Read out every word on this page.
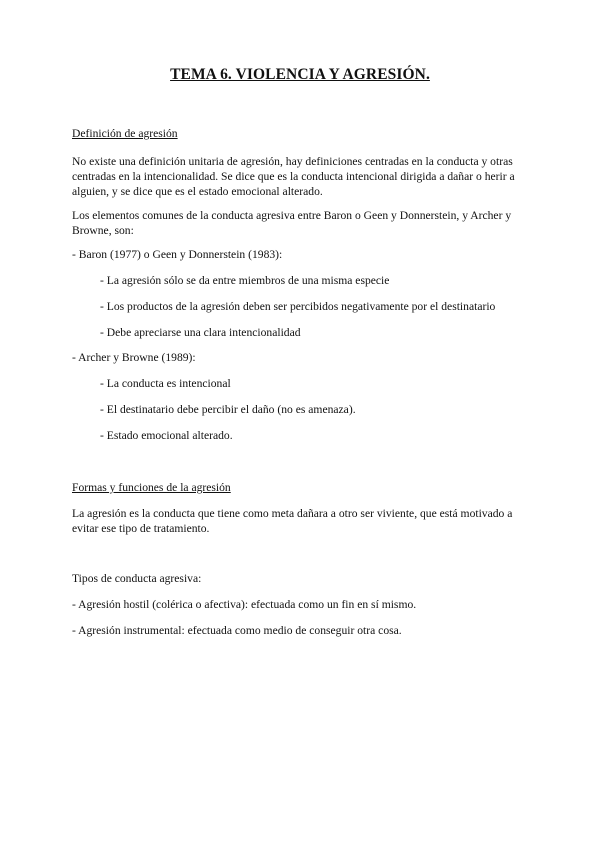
TEMA 6. VIOLENCIA Y AGRESIÓN.
Definición de agresión
No existe una definición unitaria de agresión, hay definiciones centradas en la conducta y otras
centradas en la intencionalidad. Se dice que es la conducta intencional dirigida a dañar o herir a
alguien, y se dice que es el estado emocional alterado.
Los elementos comunes de la conducta agresiva entre Baron o Geen y Donnerstein, y Archer y
Browne, son:
- Baron (1977) o Geen y Donnerstein (1983):
- La agresión sólo se da entre miembros de una misma especie
- Los productos de la agresión deben ser percibidos negativamente por el destinatario
- Debe apreciarse una clara intencionalidad
- Archer y Browne (1989):
- La conducta es intencional
- El destinatario debe percibir el daño (no es amenaza).
- Estado emocional alterado.
Formas y funciones de la agresión
La agresión es la conducta que tiene como meta dañara a otro ser viviente, que está motivado a
evitar ese tipo de tratamiento.
Tipos de conducta agresiva:
- Agresión hostil (colérica o afectiva): efectuada como un fin en sí mismo.
- Agresión instrumental: efectuada como medio de conseguir otra cosa.
